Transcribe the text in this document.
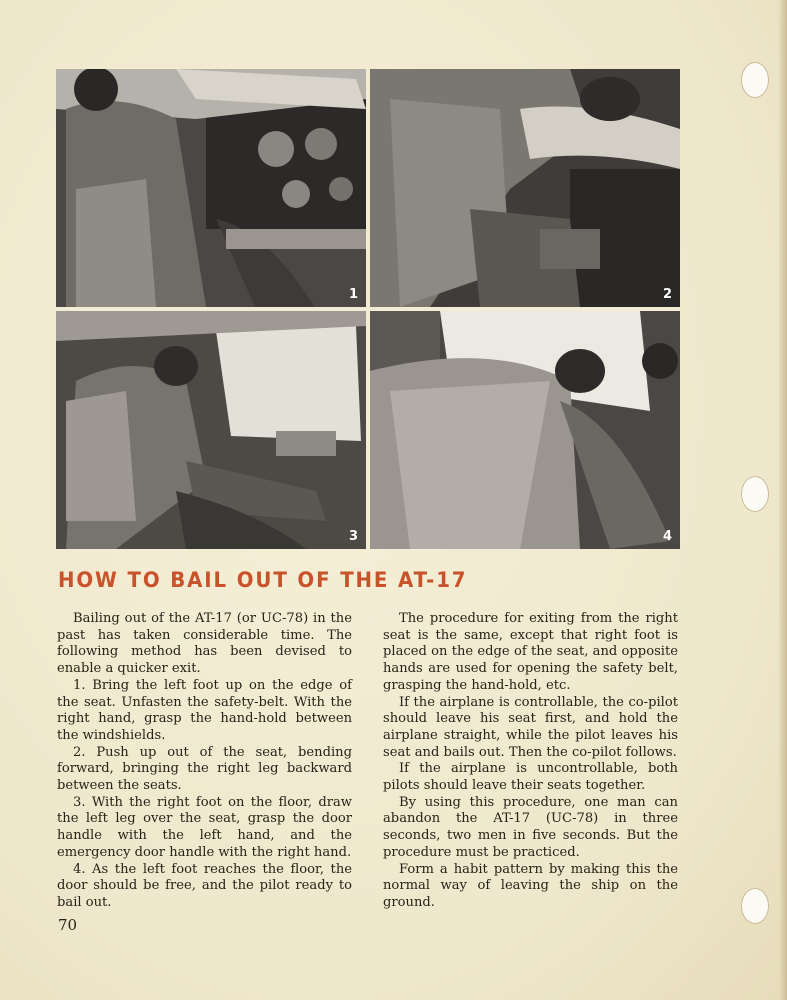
1	2
3	4
HOW TO BAIL OUT OF THE AT-17

Bailing out of the AT-17 (or UC-78) in the past has taken considerable time. The following method has been devised to enable a quicker exit.

1. Bring the left foot up on the edge of the seat. Unfasten the safety-belt. With the right hand, grasp the hand-hold between the windshields.

2. Push up out of the seat, bending forward, bringing the right leg backward between the seats.

3. With the right foot on the floor, draw the left leg over the seat, grasp the door handle with the left hand, and the emergency door handle with the right hand.

4. As the left foot reaches the floor, the door should be free, and the pilot ready to bail out.

The procedure for exiting from the right seat is the same, except that right foot is placed on the edge of the seat, and opposite hands are used for opening the safety belt, grasping the hand-hold, etc.

If the airplane is controllable, the co-pilot should leave his seat first, and hold the airplane straight, while the pilot leaves his seat and bails out. Then the co-pilot follows.

If the airplane is uncontrollable, both pilots should leave their seats together.

By using this procedure, one man can abandon the AT-17 (UC-78) in three seconds, two men in five seconds. But the procedure must be practiced.

Form a habit pattern by making this the normal way of leaving the ship on the ground.

70
